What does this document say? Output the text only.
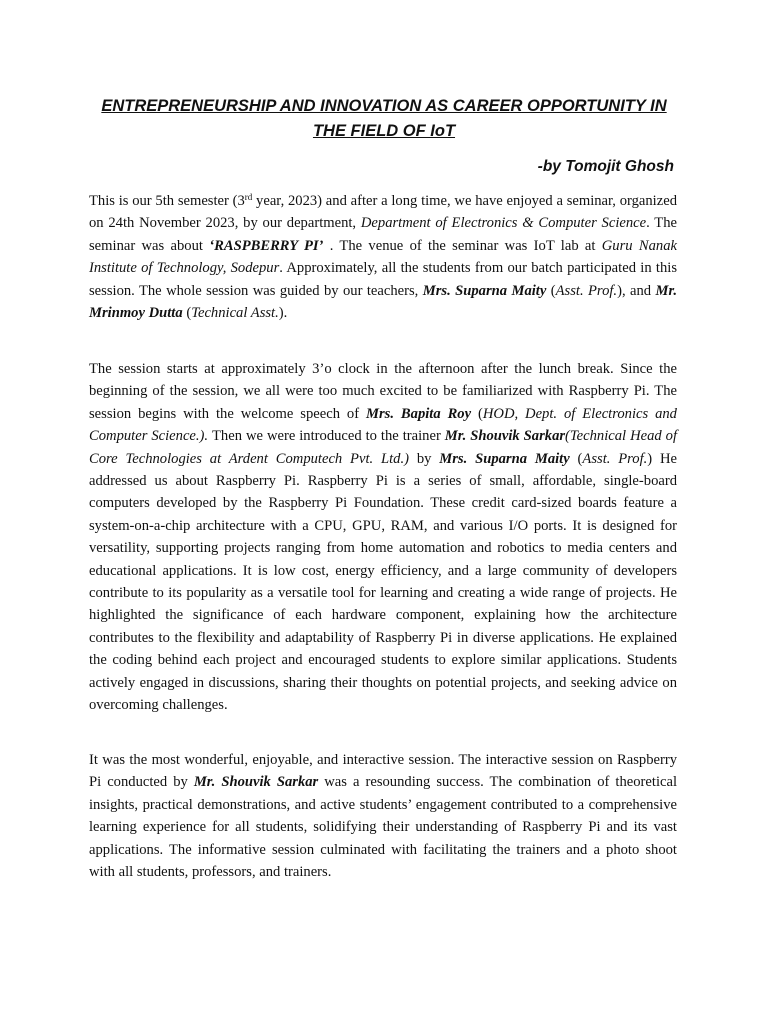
ENTREPRENEURSHIP AND INNOVATION AS CAREER OPPORTUNITY IN
THE FIELD OF IoT

-by Tomojit Ghosh

This is our 5th semester (3rd year, 2023) and after a long time, we have enjoyed a seminar, organized on 24th November 2023, by our department, Department of Electronics & Computer Science. The seminar was about ‘RASPBERRY PI’ . The venue of the seminar was IoT lab at Guru Nanak Institute of Technology, Sodepur. Approximately, all the students from our batch participated in this session. The whole session was guided by our teachers, Mrs. Suparna Maity (Asst. Prof.), and Mr. Mrinmoy Dutta (Technical Asst.).

The session starts at approximately 3’o clock in the afternoon after the lunch break. Since the beginning of the session, we all were too much excited to be familiarized with Raspberry Pi. The session begins with the welcome speech of Mrs. Bapita Roy (HOD, Dept. of Electronics and Computer Science.). Then we were introduced to the trainer Mr. Shouvik Sarkar(Technical Head of Core Technologies at Ardent Computech Pvt. Ltd.) by Mrs. Suparna Maity (Asst. Prof.) He addressed us about Raspberry Pi. Raspberry Pi is a series of small, affordable, single-board computers developed by the Raspberry Pi Foundation. These credit card-sized boards feature a system-on-a-chip architecture with a CPU, GPU, RAM, and various I/O ports. It is designed for versatility, supporting projects ranging from home automation and robotics to media centers and educational applications. It is low cost, energy efficiency, and a large community of developers contribute to its popularity as a versatile tool for learning and creating a wide range of projects. He highlighted the significance of each hardware component, explaining how the architecture contributes to the flexibility and adaptability of Raspberry Pi in diverse applications. He explained the coding behind each project and encouraged students to explore similar applications. Students actively engaged in discussions, sharing their thoughts on potential projects, and seeking advice on overcoming challenges.

It was the most wonderful, enjoyable, and interactive session. The interactive session on Raspberry Pi conducted by Mr. Shouvik Sarkar was a resounding success. The combination of theoretical insights, practical demonstrations, and active students’ engagement contributed to a comprehensive learning experience for all students, solidifying their understanding of Raspberry Pi and its vast applications. The informative session culminated with facilitating the trainers and a photo shoot with all students, professors, and trainers.
